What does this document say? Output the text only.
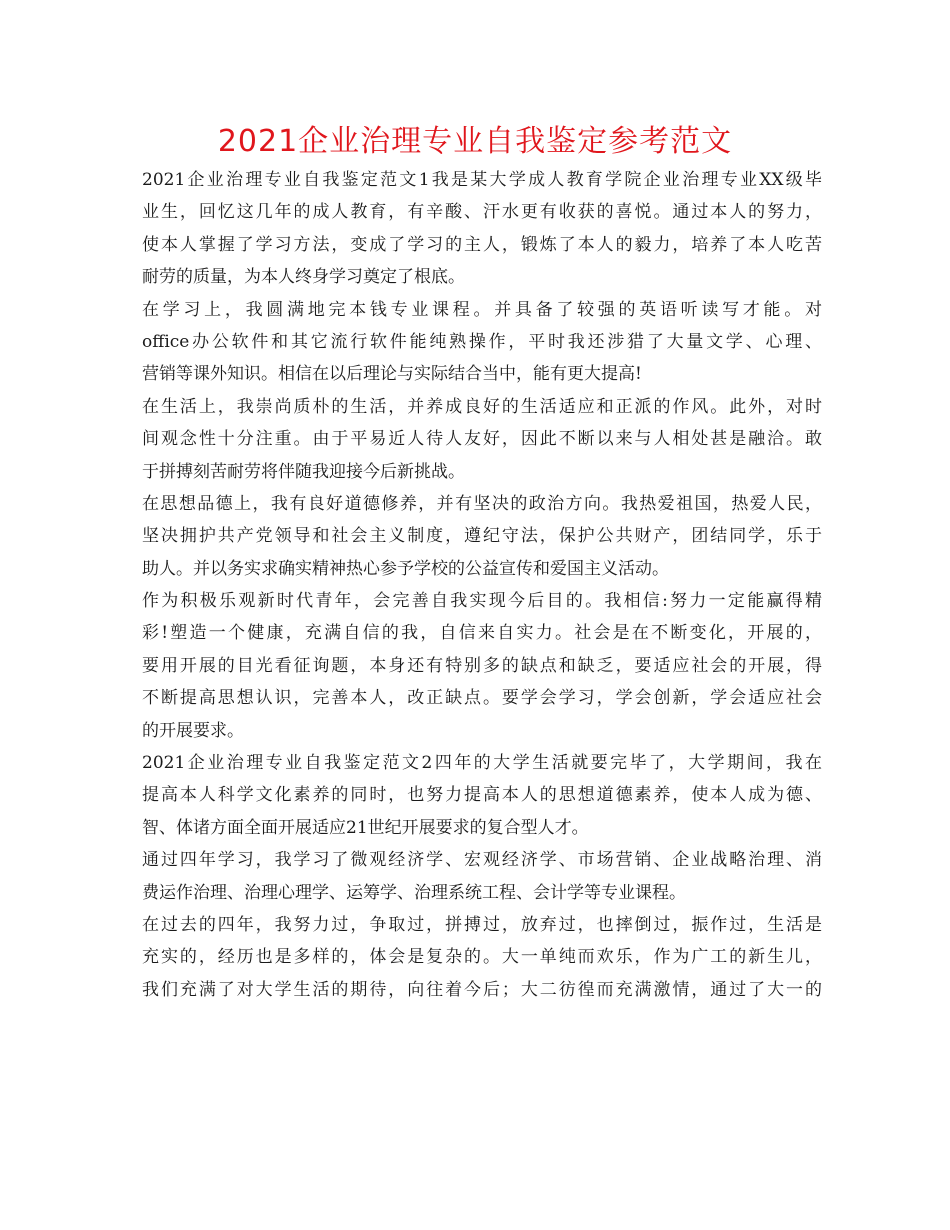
2021企业治理专业自我鉴定参考范文
2021企业治理专业自我鉴定范文1我是某大学成人教育学院企业治理专业XX级毕
业生，回忆这几年的成人教育，有辛酸、汗水更有收获的喜悦。通过本人的努力，
使本人掌握了学习方法，变成了学习的主人，锻炼了本人的毅力，培养了本人吃苦
耐劳的质量，为本人终身学习奠定了根底。
在学习上，我圆满地完本钱专业课程。并具备了较强的英语听读写才能。对
office办公软件和其它流行软件能纯熟操作，平时我还涉猎了大量文学、心理、
营销等课外知识。相信在以后理论与实际结合当中，能有更大提高!
在生活上，我崇尚质朴的生活，并养成良好的生活适应和正派的作风。此外，对时
间观念性十分注重。由于平易近人待人友好，因此不断以来与人相处甚是融洽。敢
于拼搏刻苦耐劳将伴随我迎接今后新挑战。
在思想品德上，我有良好道德修养，并有坚决的政治方向。我热爱祖国，热爱人民，
坚决拥护共产党领导和社会主义制度，遵纪守法，保护公共财产，团结同学，乐于
助人。并以务实求确实精神热心参予学校的公益宣传和爱国主义活动。
作为积极乐观新时代青年，会完善自我实现今后目的。我相信:努力一定能赢得精
彩!塑造一个健康，充满自信的我，自信来自实力。社会是在不断变化，开展的，
要用开展的目光看征询题，本身还有特别多的缺点和缺乏，要适应社会的开展，得
不断提高思想认识，完善本人，改正缺点。要学会学习，学会创新，学会适应社会
的开展要求。
2021企业治理专业自我鉴定范文2四年的大学生活就要完毕了，大学期间，我在
提高本人科学文化素养的同时，也努力提高本人的思想道德素养，使本人成为德、
智、体诸方面全面开展适应21世纪开展要求的复合型人才。
通过四年学习，我学习了微观经济学、宏观经济学、市场营销、企业战略治理、消
费运作治理、治理心理学、运筹学、治理系统工程、会计学等专业课程。
在过去的四年，我努力过，争取过，拼搏过，放弃过，也摔倒过，振作过，生活是
充实的，经历也是多样的，体会是复杂的。大一单纯而欢乐，作为广工的新生儿，
我们充满了对大学生活的期待，向往着今后；大二彷徨而充满激情，通过了大一的
